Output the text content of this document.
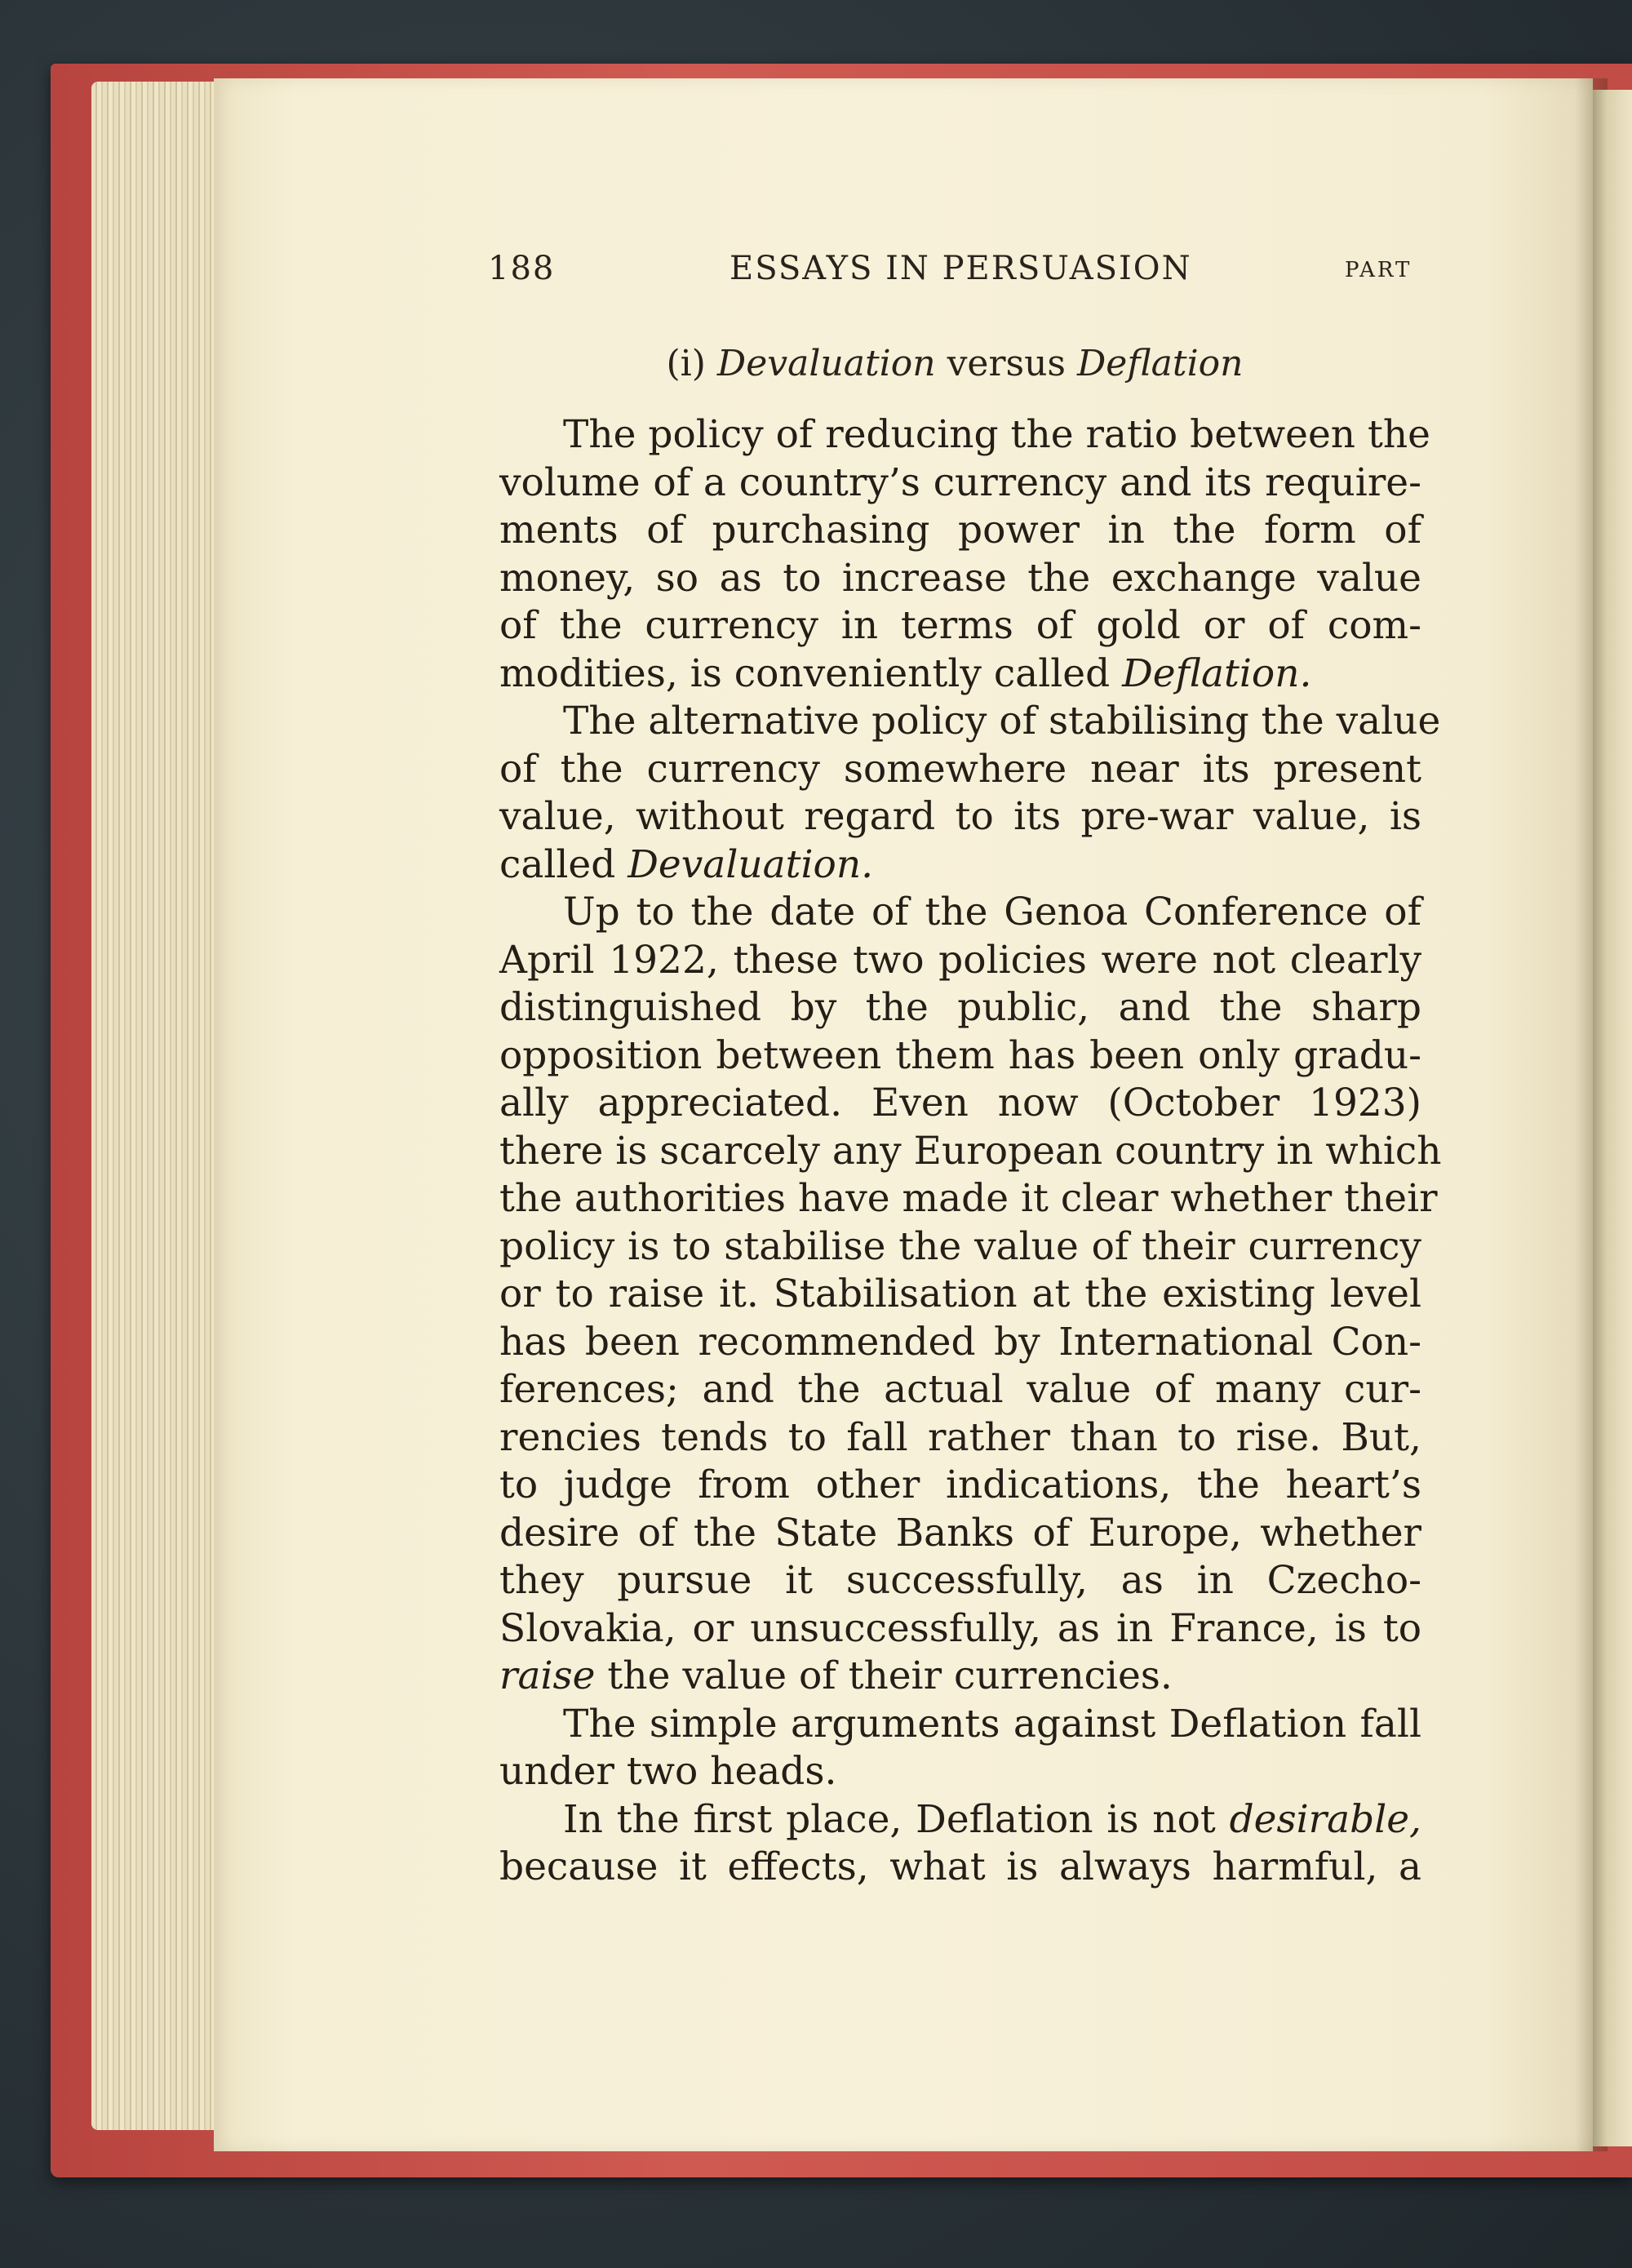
188	ESSAYS IN PERSUASION	PART
(i) Devaluation versus Deflation
The policy of reducing the ratio between the
volume of a country’s currency and its require-
ments of purchasing power in the form of
money, so as to increase the exchange value
of the currency in terms of gold or of com-
modities, is conveniently called Deflation.
The alternative policy of stabilising the value
of the currency somewhere near its present
value, without regard to its pre-war value, is
called Devaluation.
Up to the date of the Genoa Conference of
April 1922, these two policies were not clearly
distinguished by the public, and the sharp
opposition between them has been only gradu-
ally appreciated. Even now (October 1923)
there is scarcely any European country in which
the authorities have made it clear whether their
policy is to stabilise the value of their currency
or to raise it. Stabilisation at the existing level
has been recommended by International Con-
ferences; and the actual value of many cur-
rencies tends to fall rather than to rise. But,
to judge from other indications, the heart’s
desire of the State Banks of Europe, whether
they pursue it successfully, as in Czecho-
Slovakia, or unsuccessfully, as in France, is to
raise the value of their currencies.
The simple arguments against Deflation fall
under two heads.
In the first place, Deflation is not desirable,
because it effects, what is always harmful, a
